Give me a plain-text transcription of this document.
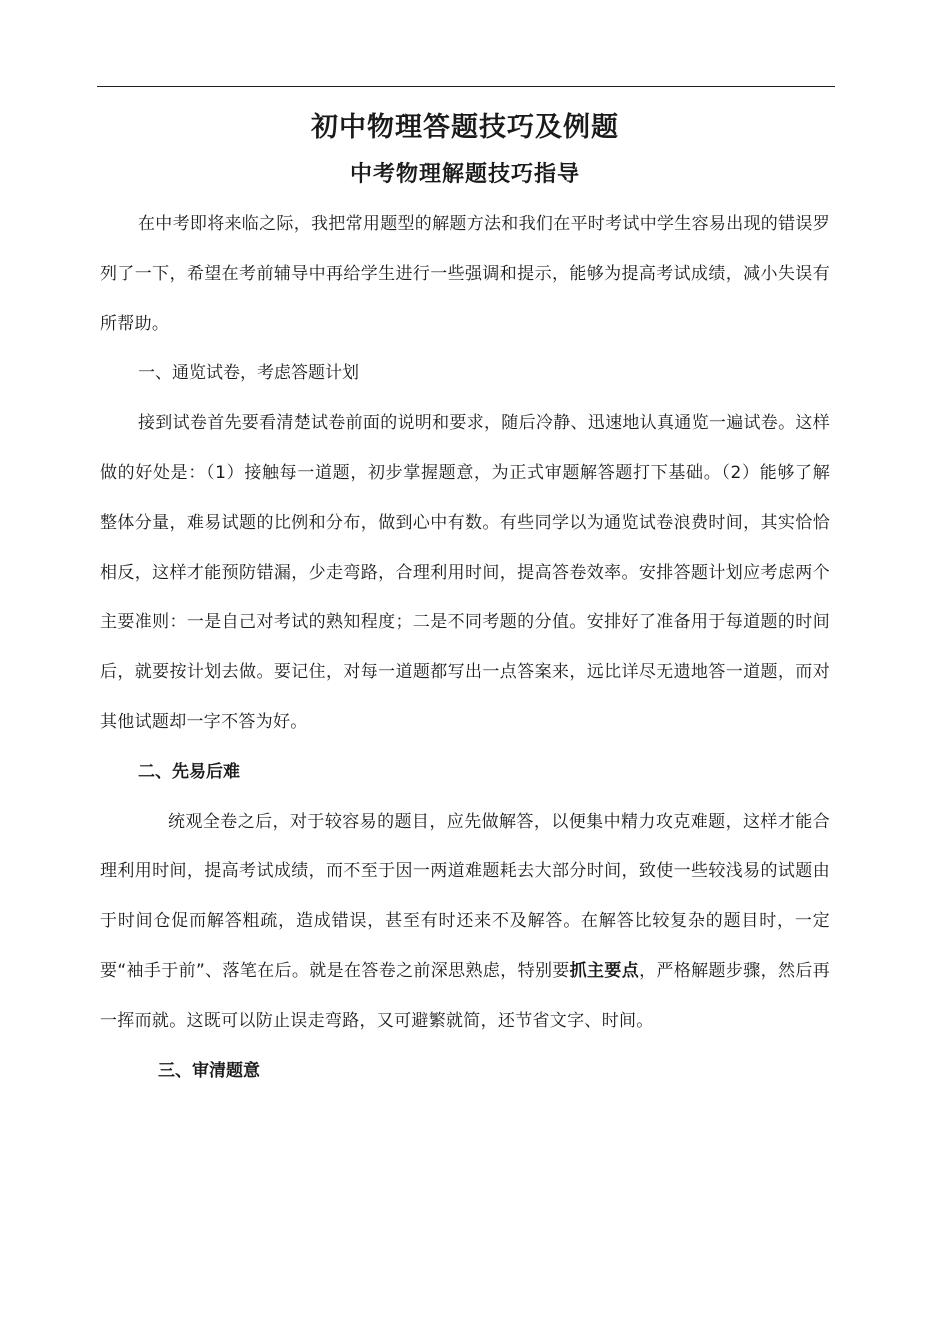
初中物理答题技巧及例题
中考物理解题技巧指导

在中考即将来临之际，我把常用题型的解题方法和我们在平时考试中学生容易出现的错误罗列了一下，希望在考前辅导中再给学生进行一些强调和提示，能够为提高考试成绩，减小失误有所帮助。

一、通览试卷，考虑答题计划

接到试卷首先要看清楚试卷前面的说明和要求，随后冷静、迅速地认真通览一遍试卷。这样做的好处是：（1）接触每一道题，初步掌握题意，为正式审题解答题打下基础。（2）能够了解整体分量，难易试题的比例和分布，做到心中有数。有些同学以为通览试卷浪费时间，其实恰恰相反，这样才能预防错漏，少走弯路，合理利用时间，提高答卷效率。安排答题计划应考虑两个主要准则：一是自己对考试的熟知程度；二是不同考题的分值。安排好了准备用于每道题的时间后，就要按计划去做。要记住，对每一道题都写出一点答案来，远比详尽无遗地答一道题，而对其他试题却一字不答为好。

二、先易后难

统观全卷之后，对于较容易的题目，应先做解答，以便集中精力攻克难题，这样才能合理利用时间，提高考试成绩，而不至于因一两道难题耗去大部分时间，致使一些较浅易的试题由于时间仓促而解答粗疏，造成错误，甚至有时还来不及解答。在解答比较复杂的题目时，一定要“袖手于前”、落笔在后。就是在答卷之前深思熟虑，特别要抓主要点，严格解题步骤，然后再一挥而就。这既可以防止误走弯路，又可避繁就简，还节省文字、时间。

三、审清题意
